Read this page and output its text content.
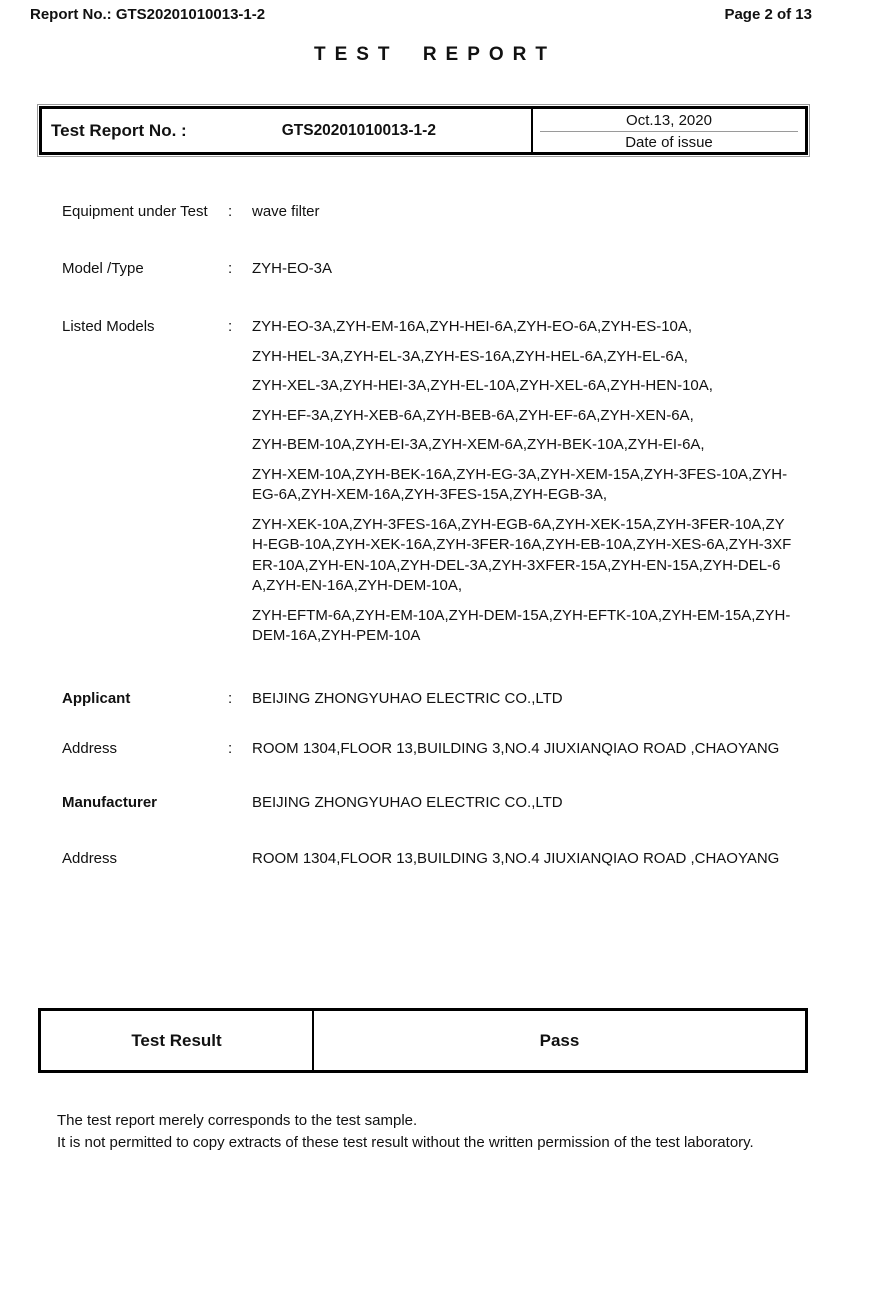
Report No.: GTS20201010013-1-2	Page 2 of 13
TEST REPORT
Test Report No. :	GTS20201010013-1-2

Oct.13, 2020
Date of issue
Equipment under Test	:	wave filter
Model /Type	:	ZYH-EO-3A
Listed Models	:	ZYH-EO-3A,ZYH-EM-16A,ZYH-HEI-6A,ZYH-EO-6A,ZYH-ES-10A,

ZYH-HEL-3A,ZYH-EL-3A,ZYH-ES-16A,ZYH-HEL-6A,ZYH-EL-6A,

ZYH-XEL-3A,ZYH-HEI-3A,ZYH-EL-10A,ZYH-XEL-6A,ZYH-HEN-10A,

ZYH-EF-3A,ZYH-XEB-6A,ZYH-BEB-6A,ZYH-EF-6A,ZYH-XEN-6A,

ZYH-BEM-10A,ZYH-EI-3A,ZYH-XEM-6A,ZYH-BEK-10A,ZYH-EI-6A,

ZYH-XEM-10A,ZYH-BEK-16A,ZYH-EG-3A,ZYH-XEM-15A,ZYH-3FES-10A,ZYH-EG-6A,ZYH-XEM-16A,ZYH-3FES-15A,ZYH-EGB-3A,

ZYH-XEK-10A,ZYH-3FES-16A,ZYH-EGB-6A,ZYH-XEK-15A,ZYH-3FER-10A,ZYH-EGB-10A,ZYH-XEK-16A,ZYH-3FER-16A,ZYH-EB-10A,ZYH-XES-6A,ZYH-3XFER-10A,ZYH-EN-10A,ZYH-DEL-3A,ZYH-3XFER-15A,ZYH-EN-15A,ZYH-DEL-6A,ZYH-EN-16A,ZYH-DEM-10A,

ZYH-EFTM-6A,ZYH-EM-10A,ZYH-DEM-15A,ZYH-EFTK-10A,ZYH-EM-15A,ZYH-DEM-16A,ZYH-PEM-10A

Applicant	:	BEIJING ZHONGYUHAO ELECTRIC CO.,LTD
Address	:	ROOM 1304,FLOOR 13,BUILDING 3,NO.4 JIUXIANQIAO ROAD ,CHAOYANG
Manufacturer	BEIJING ZHONGYUHAO ELECTRIC CO.,LTD
Address	ROOM 1304,FLOOR 13,BUILDING 3,NO.4 JIUXIANQIAO ROAD ,CHAOYANG
Test Result	Pass

The test report merely corresponds to the test sample.

It is not permitted to copy extracts of these test result without the written permission of the test laboratory.
